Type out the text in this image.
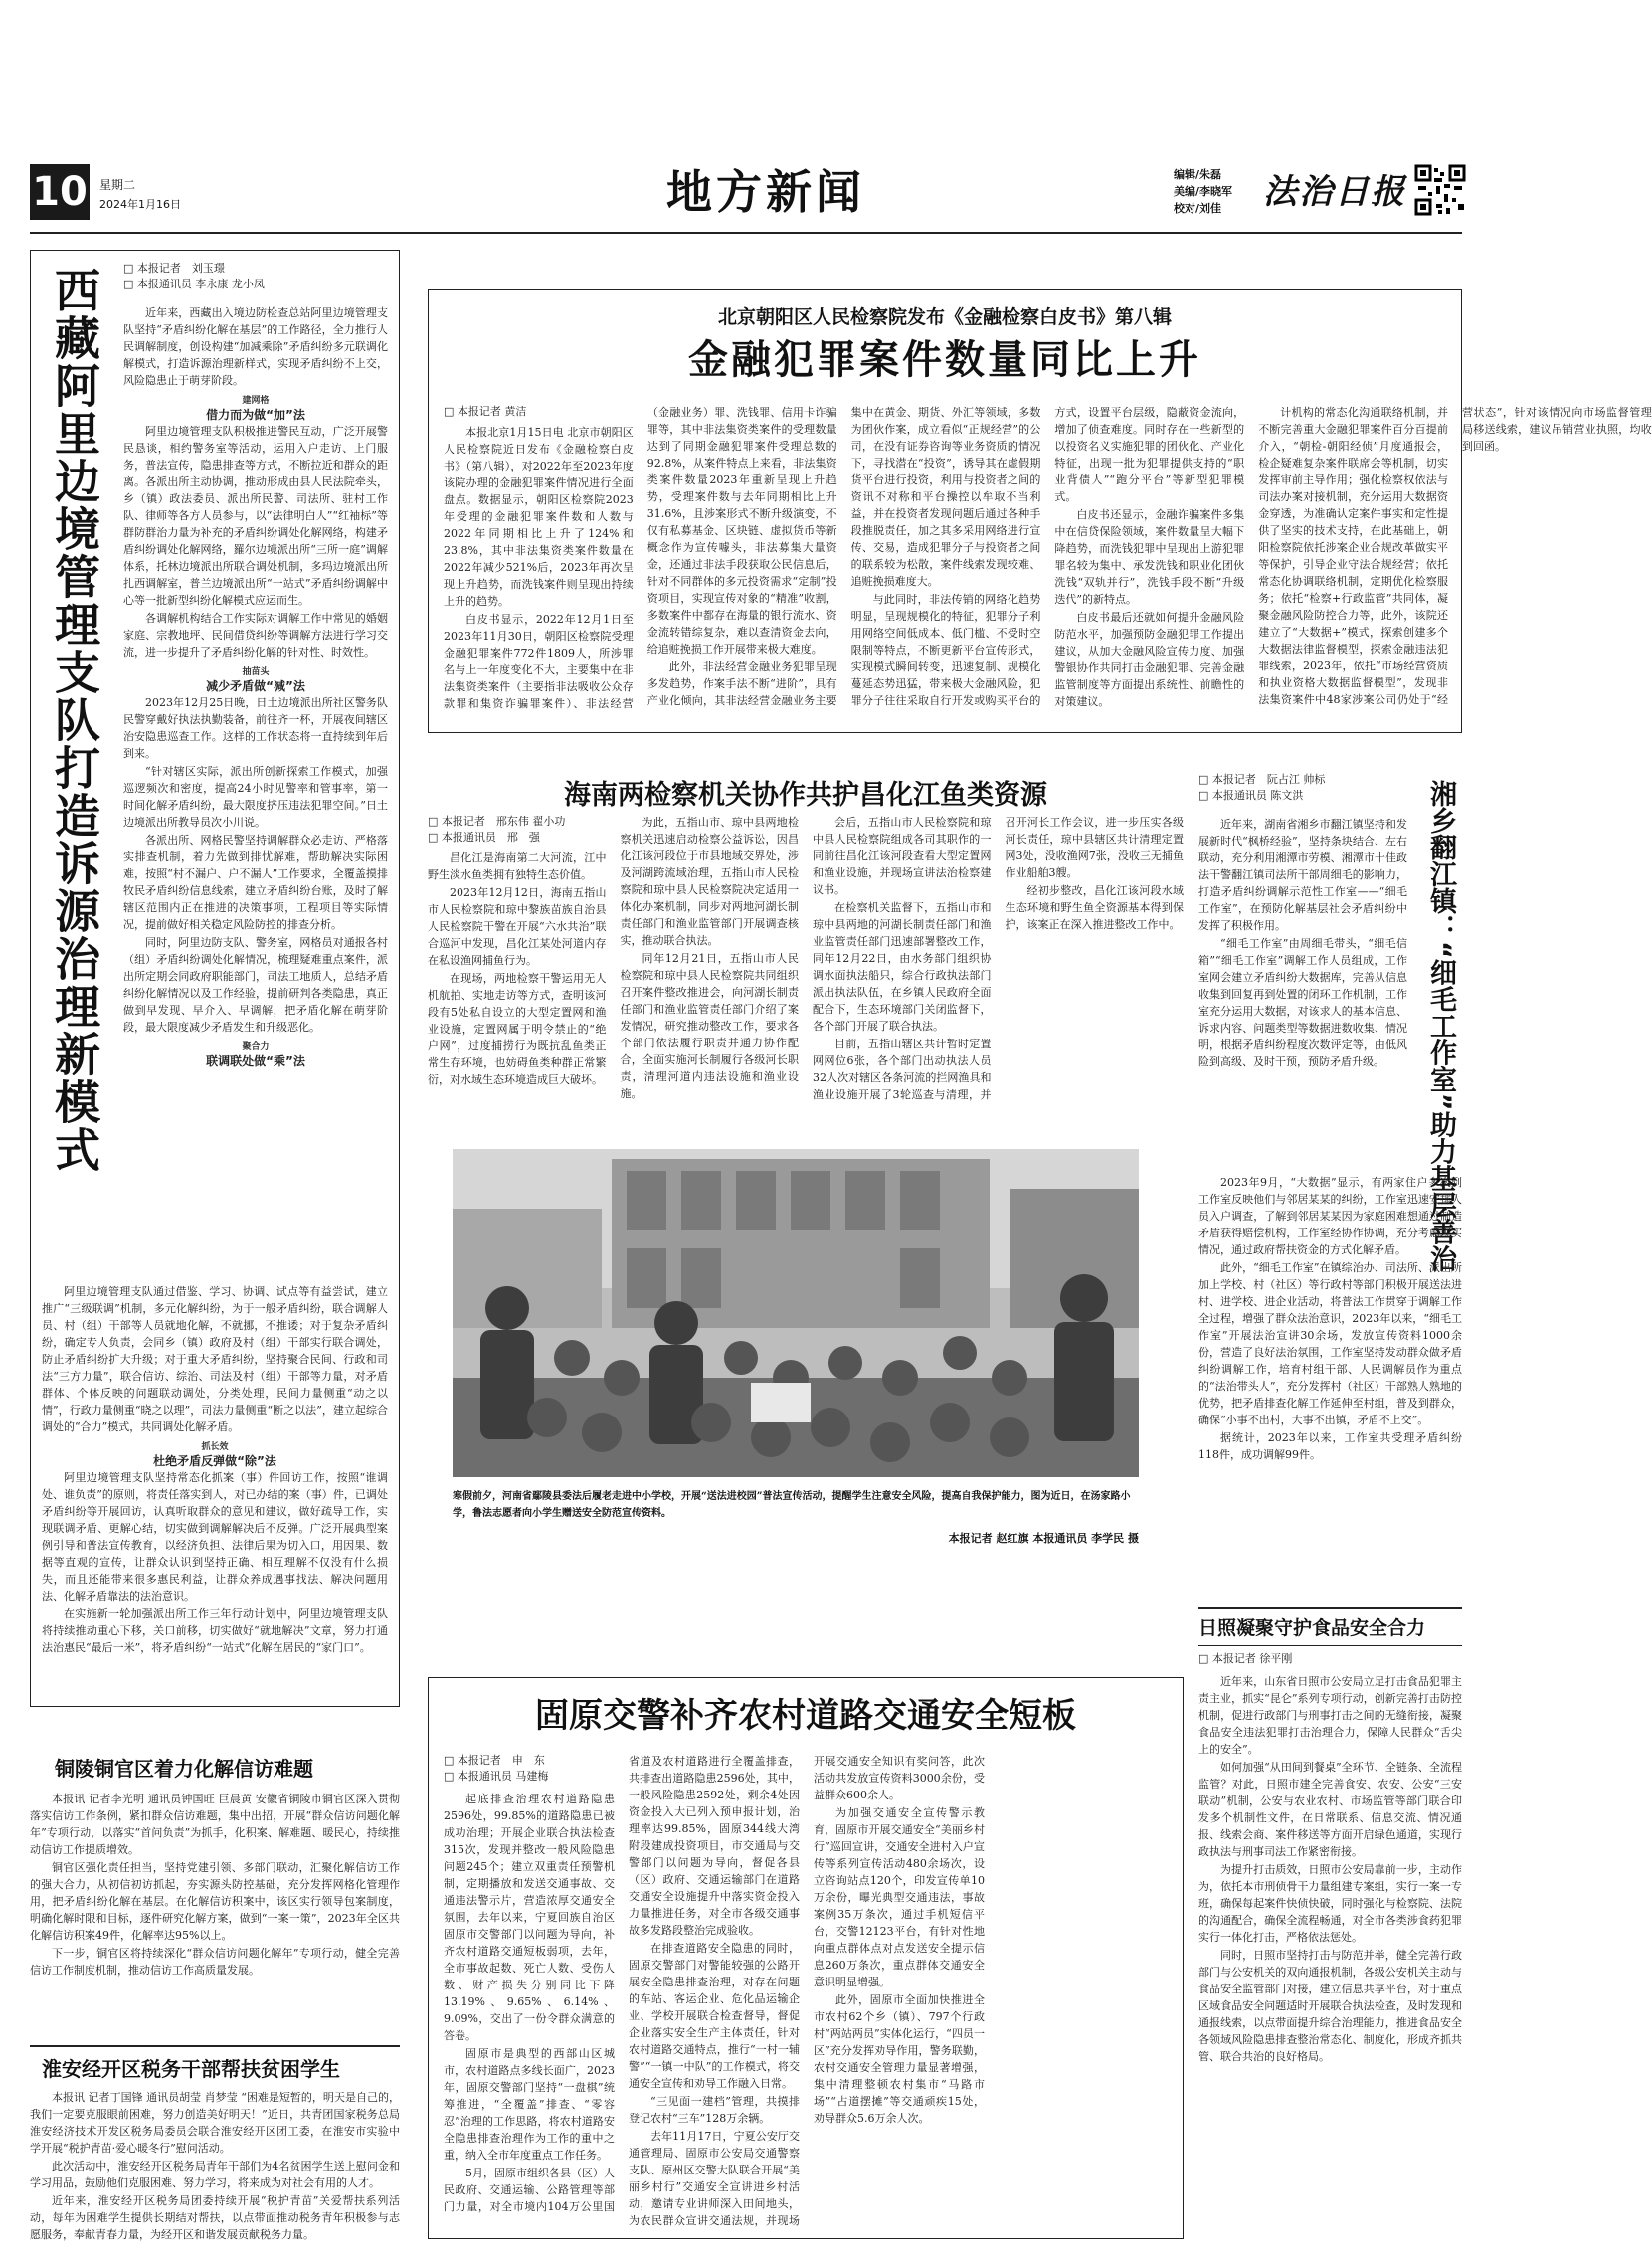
10 星期二
2024年1月16日	地方新闻	编辑/朱磊
美编/李晓军
校对/刘佳	法治日报
西藏阿里边境管理支队打造诉源治理新模式	□ 本报记者　刘玉璟
□ 本报通讯员 李永康 龙小凤

近年来，西藏出入境边防检查总站阿里边境管理支队坚持“矛盾纠纷化解在基层”的工作路径，全力推行人民调解制度，创设构建“加减乘除”矛盾纠纷多元联调化解模式，打造诉源治理新样式，实现矛盾纠纷不上交，风险隐患止于萌芽阶段。

建网格
借力而为做“加”法

阿里边境管理支队积极推进警民互动，广泛开展警民恳谈，相约警务室等活动，运用入户走访、上门服务，普法宣传，隐患排查等方式，不断拉近和群众的距离。各派出所主动协调，推动形成由县人民法院牵头，乡（镇）政法委员、派出所民警、司法所、驻村工作队、律师等各方人员参与，以“法律明白人”“红袖标”等群防群治力量为补充的矛盾纠纷调处化解网络，构建矛盾纠纷调处化解网络，羅尔边境派出所“三所一庭”调解体系，托林边境派出所联合调处机制，多玛边境派出所扎西调解室，普兰边境派出所“一站式”矛盾纠纷调解中心等一批新型纠纷化解模式应运而生。

各调解机构结合工作实际对调解工作中常见的婚姻家庭、宗教地坪、民间借贷纠纷等调解方法进行学习交流，进一步提升了矛盾纠纷化解的针对性、时效性。

抽苗头
减少矛盾做“减”法

2023年12月25日晚，日土边境派出所社区警务队民警穿戴好执法执勤装备，前往齐一杯，开展夜间辖区治安隐患巡查工作。这样的工作状态将一直持续到年后到来。

“针对辖区实际，派出所创新探索工作模式，加强巡逻频次和密度，提高24小时见警率和管事率，第一时间化解矛盾纠纷，最大限度挤压违法犯罪空间。”日土边境派出所教导员次小川说。

各派出所、网格民警坚持调解群众必走访、严格落实排查机制，着力先做到排忧解难，帮助解决实际困难，按照“村不漏户、户不漏人”工作要求，全覆盖摸排牧民矛盾纠纷信息线索，建立矛盾纠纷台账，及时了解辖区范围内正在推进的决策事项，工程项目等实际情况，提前做好相关稳定风险防控的排查分析。

同时，阿里边防支队、警务室，网格员对通报各村（组）矛盾纠纷调处化解情况，梳理疑难重点案件，派出所定期会同政府职能部门，司法工地质人，总结矛盾纠纷化解情况以及工作经验，提前研判各类隐患，真正做到早发现、早介入、早调解，把矛盾化解在萌芽阶段，最大限度减少矛盾发生和升级恶化。

聚合力
联调联处做“乘”法

阿里边境管理支队通过借鉴、学习、协调、试点等有益尝试，建立推广“三级联调”机制，多元化解纠纷，为于一般矛盾纠纷，联合调解人员、村（组）干部等人员就地化解，不就挪，不推诿；对于复杂矛盾纠纷，确定专人负责，会同乡（镇）政府及村（组）干部实行联合调处，防止矛盾纠纷扩大升级；对于重大矛盾纠纷，坚持聚合民间、行政和司法“三方力量”，联合信访、综治、司法及村（组）干部等力量，对矛盾群体、个体反映的问题联动调处，分类处理，民间力量侧重“动之以情”，行政力量侧重“晓之以理”，司法力量侧重“断之以法”，建立起综合调处的“合力”模式，共同调处化解矛盾。

抓长效
杜绝矛盾反弹做“除”法

阿里边境管理支队坚持常态化抓案（事）件回访工作，按照“谁调处、谁负责”的原则，将责任落实到人，对已办结的案（事）件，已调处矛盾纠纷等开展回访，认真听取群众的意见和建议，做好疏导工作，实现联调矛盾、更解心结，切实做到调解解决后不反弹。广泛开展典型案例引导和普法宣传教育，以经济负担、法律后果为切入口，用因果、数据等直观的宣传，让群众认识到坚持正确、相互理解不仅没有什么损失，而且还能带来很多惠民利益，让群众养成遇事找法、解决问题用法、化解矛盾靠法的法治意识。

在实施新一轮加强派出所工作三年行动计划中，阿里边境管理支队将持续推动重心下移，关口前移，切实做好“就地解决”文章，努力打通法治惠民“最后一米”，将矛盾纠纷“一站式”化解在居民的“家门口”。

北京朝阳区人民检察院发布《金融检察白皮书》第八辑
金融犯罪案件数量同比上升
□ 本报记者 黄洁

本报北京1月15日电 北京市朝阳区人民检察院近日发布《金融检察白皮书》（第八辑），对2022年至2023年度该院办理的金融犯罪案件情况进行全面盘点。数据显示，朝阳区检察院2023年受理的金融犯罪案件数和人数与2022年同期相比上升了124%和23.8%，其中非法集资类案件数量在2022年减少521%后，2023年再次呈现上升趋势，而洗钱案件则呈现出持续上升的趋势。

白皮书显示，2022年12月1日至2023年11月30日，朝阳区检察院受理金融犯罪案件772件1809人，所涉罪名与上一年度变化不大，主要集中在非法集资类案件（主要指非法吸收公众存款罪和集资诈骗罪案件）、非法经营（金融业务）罪、洗钱罪、信用卡诈骗罪等，其中非法集资类案件的受理数量达到了同期金融犯罪案件受理总数的92.8%，从案件特点上来看，非法集资类案件数量2023年重新呈现上升趋势，受理案件数与去年同期相比上升31.6%，且涉案形式不断升级演变，不仅有私募基金、区块链、虚拟货币等新概念作为宣传噱头，非法募集大量资金，还通过非法手段获取公民信息后，针对不同群体的多元投资需求“定制”投资项目，实现宣传对象的“精准”收割，多数案件中都存在海量的银行流水、资金流转错综复杂，难以查清资金去向，给追赃挽损工作开展带来极大难度。

此外，非法经营金融业务犯罪呈现多发趋势，作案手法不断“进阶”，具有产业化倾向，其非法经营金融业务主要集中在黄金、期货、外汇等领域，多数为团伙作案，成立看似“正规经营”的公司，在没有证券咨询等业务资质的情况下，寻找潜在“投资”，诱导其在虚假期货平台进行投资，利用与投资者之间的资讯不对称和平台操控以牟取不当利益，并在投资者发现问题后通过各种手段推脱责任，加之其多采用网络进行宣传、交易，造成犯罪分子与投资者之间的联系较为松散，案件线索发现较难、追赃挽损难度大。

与此同时，非法传销的网络化趋势明显，呈现规模化的特征，犯罪分子利用网络空间低成本、低门槛、不受时空限制等特点，不断更新平台宣传形式，实现模式瞬间转变，迅速复制、规模化蔓延态势迅猛，带来极大金融风险，犯罪分子往往采取自行开发或购买平台的方式，设置平台层级，隐蔽资金流向，增加了侦查难度。同时存在一些新型的以投资名义实施犯罪的团伙化、产业化特征，出现一批为犯罪提供支持的“职业背债人”“跑分平台”等新型犯罪模式。

白皮书还显示，金融诈骗案件多集中在信贷保险领域，案件数量呈大幅下降趋势，而洗钱犯罪中呈现出上游犯罪罪名较为集中、承发洗钱和职业化团伙洗钱“双轨并行”，洗钱手段不断“升级迭代”的新特点。

白皮书最后还就如何提升金融风险防范水平，加强预防金融犯罪工作提出建议，从加大金融风险宣传力度、加强警银协作共同打击金融犯罪、完善金融监管制度等方面提出系统性、前瞻性的对策建议。

计机构的常态化沟通联络机制，并不断完善重大金融犯罪案件百分百提前介入，“朝检-朝阳经侦”月度通报会，检企疑难复杂案件联席会等机制，切实发挥审前主导作用；强化检察权依法与司法办案对接机制，充分运用大数据资金穿透，为准确认定案件事实和定性提供了坚实的技术支持，在此基础上，朝阳检察院依托涉案企业合规改革做实平等保护，引导企业守法合规经营；依托常态化协调联络机制，定期优化检察服务；依托“检察+行政监管”共同体，凝聚金融风险防控合力等，此外，该院还建立了“大数据+”模式，探索创建多个大数据法律监督模型，探索金融违法犯罪线索，2023年，依托“市场经营资质和执业资格大数据监督模型”，发现非法集资案件中48家涉案公司仍处于“经营状态”，针对该情况向市场监督管理局移送线索，建议吊销营业执照，均收到回函。

海南两检察机关协作共护昌化江鱼类资源
□ 本报记者　邢东伟 翟小功
□ 本报通讯员　邢　强

昌化江是海南第二大河流，江中野生淡水鱼类拥有独特生态价值。

2023年12月12日，海南五指山市人民检察院和琼中黎族苗族自治县人民检察院干警在开展“六水共治”联合巡河中发现，昌化江某处河道内存在私设渔网捕鱼行为。

在现场，两地检察干警运用无人机航拍、实地走访等方式，查明该河段有5处私自设立的大型定置网和渔业设施，定置网属于明令禁止的“绝户网”，过度捕捞行为既抗乱鱼类正常生存环境，也妨碍鱼类种群正常繁衍，对水域生态环境造成巨大破坏。

为此，五指山市、琼中县两地检察机关迅速启动检察公益诉讼，因昌化江该河段位于市县地域交界处，涉及河湖跨流域治理，五指山市人民检察院和琼中县人民检察院决定适用一体化办案机制，同步对两地河湖长制责任部门和渔业监管部门开展调查核实，推动联合执法。

同年12月21日，五指山市人民检察院和琼中县人民检察院共同组织召开案件整改推进会，向河湖长制责任部门和渔业监管责任部门介绍了案发情况，研究推动整改工作，要求各个部门依法履行职责并通力协作配合，全面实施河长制履行各级河长职责，清理河道内违法设施和渔业设施。

会后，五指山市人民检察院和琼中县人民检察院组成各司其职作的一同前往昌化江该河段查看大型定置网和渔业设施，并现场宣讲法治检察建议书。

在检察机关监督下，五指山市和琼中县两地的河湖长制责任部门和渔业监管责任部门迅速部署整改工作，同年12月22日，由水务部门组织协调水面执法船只，综合行政执法部门派出执法队伍，在乡镇人民政府全面配合下，生态环境部门关闭监督下，各个部门开展了联合执法。

目前，五指山辖区共计暂时定置网网位6张，各个部门出动执法人员32人次对辖区各条河流的拦网渔具和渔业设施开展了3轮巡查与清理，并召开河长工作会议，进一步压实各级河长责任，琼中县辖区共计清理定置网3处，没收渔网7张，没收三无捕鱼作业船舶3艘。

经初步整改，昌化江该河段水域生态环境和野生鱼全资源基本得到保护，该案正在深入推进整改工作中。

寒假前夕，河南省鄢陵县委法后履老走进中小学校，开展“送法进校园”普法宣传活动，提醒学生注意安全风险，提高自我保护能力，图为近日，在汤家路小学，鲁法志愿者向小学生赠送安全防范宣传资料。
本报记者 赵红旗 本报通讯员 李学民 摄
□ 本报记者　阮占江 帅标
□ 本报通讯员 陈文洪	湘乡翻江镇：“细毛工作室”助力基层善治

近年来，湖南省湘乡市翻江镇坚持和发展新时代“枫桥经验”，坚持条块结合、左右联动，充分利用湘潭市劳模、湘潭市十佳政法干警翻江镇司法所干部周细毛的影响力，打造矛盾纠纷调解示范性工作室——“细毛工作室”，在预防化解基层社会矛盾纠纷中发挥了积极作用。

“细毛工作室”由周细毛带头，“细毛信箱”“细毛工作室”调解工作人员组成，工作室网会建立矛盾纠纷大数据库，完善从信息收集到回复再到处置的闭环工作机制，工作室充分运用大数据，对该求人的基本信息、诉求内容、问题类型等数据进数收集、情况明，根据矛盾纠纷程度次数评定等，由低风险到高级、及时干预，预防矛盾升级。

2023年9月，“大数据”显示，有两家住户多次到工作室反映他们与邻居某某的纠纷，工作室迅速安排人员入户调查，了解到邻居某某因为家庭困难想通过制造矛盾获得赔偿机构，工作室经协作协调，充分考虑现实情况，通过政府帮扶资金的方式化解矛盾。

此外，“细毛工作室”在镇综治办、司法所、派出所加上学校、村（社区）等行政村等部门积极开展送法进村、进学校、进企业活动，将普法工作贯穿于调解工作全过程，增强了群众法治意识，2023年以来，“细毛工作室”开展法治宣讲30余场，发放宣传资料1000余份，营造了良好法治氛围，工作室坚持发动群众做矛盾纠纷调解工作，培育村组干部、人民调解员作为重点的“法治带头人”，充分发挥村（社区）干部熟人熟地的优势，把矛盾排查化解工作延伸至村组，普及到群众，确保“小事不出村，大事不出镇，矛盾不上交”。

据统计，2023年以来，工作室共受理矛盾纠纷118件，成功调解99件。

日照凝聚守护食品安全合力
□ 本报记者 徐平刚

近年来，山东省日照市公安局立足打击食品犯罪主责主业，抓实“昆仑”系列专项行动，创新完善打击防控机制，促进行政部门与刑事打击之间的无缝衔接，凝聚食品安全违法犯罪打击治理合力，保障人民群众“舌尖上的安全”。

如何加强“从田间到餐桌”全环节、全链条、全流程监管？对此，日照市建全完善食安、农安、公安“三安联动”机制，公安与农业农村、市场监管等部门联合印发多个机制性文件，在日常联系、信息交流、情况通报、线索会商、案件移送等方面开启绿色通道，实现行政执法与刑事司法工作紧密衔接。

为提升打击质效，日照市公安局靠前一步，主动作为，依托本市刑侦骨干力量组建专案组，实行一案一专班，确保每起案件快侦快破，同时强化与检察院、法院的沟通配合，确保全流程畅通，对全市各类涉食药犯罪实行一体化打击，严格依法惩处。

同时，日照市坚持打击与防范并举，健全完善行政部门与公安机关的双向通报机制，各级公安机关主动与食品安全监管部门对接，建立信息共享平台，对于重点区域食品安全问题适时开展联合执法检查，及时发现和通报线索，以点带面提升综合治理能力，推进食品安全各领域风险隐患排查整治常态化、制度化，形成齐抓共管、联合共治的良好格局。

固原交警补齐农村道路交通安全短板
□ 本报记者　申　东
□ 本报通讯员 马建梅

起底排查治理农村道路隐患2596处，99.85%的道路隐患已被成功治理；开展企业联合执法检查315次，发现并整改一般风险隐患问题245个；建立双重责任预警机制，定期播放和发送交通事故、交通违法警示片，营造浓厚交通安全氛围，去年以来，宁夏回族自治区固原市交警部门以问题为导向，补齐农村道路交通短板弱项，去年，全市事故起数、死亡人数、受伤人数、财产损失分别同比下降13.19%、9.65%、6.14%、9.09%，交出了一份令群众满意的答卷。

固原市是典型的西部山区城市，农村道路点多线长面广，2023年，固原交警部门坚持“一盘棋”统筹推进，“全覆盖”排查、“零容忍”治理的工作思路，将农村道路安全隐患排查治理作为工作的重中之重，纳入全市年度重点工作任务。

5月，固原市组织各县（区）人民政府、交通运输、公路管理等部门力量，对全市境内104万公里国省道及农村道路进行全覆盖排查，共排查出道路隐患2596处，其中，一般风险隐患2592处，剩余4处因资金投入大已列入预申报计划，治理率达99.85%，固原344线大湾附段建成投资项目，市交通局与交警部门以问题为导向，督促各县（区）政府、交通运输部门在道路交通安全设施提升中落实资金投入力量推进任务，对全市各级交通事故多发路段整治完成验收。

在排查道路安全隐患的同时，固原交警部门对警能较强的公路开展安全隐患排查治理，对存在问题的车站、客运企业、危化品运输企业、学校开展联合检查督导，督促企业落实安全生产主体责任，针对农村道路交通特点，推行“一村一辅警”“一镇一中队”的工作模式，将交通安全宣传和劝导工作融入日常。

“三见面一建档”管理，共摸排登记农村“三车”128万余辆。

去年11月17日，宁夏公安厅交通管理局、固原市公安局交通警察支队、原州区交警大队联合开展“美丽乡村行”交通安全宣讲进乡村活动，邀请专业讲师深入田间地头，为农民群众宣讲交通法规，并现场开展交通安全知识有奖问答，此次活动共发放宣传资料3000余份，受益群众600余人。

为加强交通安全宣传警示教育，固原市开展交通安全“美丽乡村行”巡回宣讲，交通安全进村入户宣传等系列宣传活动480余场次，设立咨询站点120个，印发宣传单10万余份，曝光典型交通违法，事故案例35万条次，通过手机短信平台，交警12123平台，有针对性地向重点群体点对点发送安全提示信息260万条次，重点群体交通安全意识明显增强。

此外，固原市全面加快推进全市农村62个乡（镇）、797个行政村“两站两员”实体化运行，“四员一区”充分发挥劝导作用，警务联勤，农村交通安全管理力量显著增强，集中清理整顿农村集市“马路市场”“占道摆摊”等交通顽疾15处，劝导群众5.6万余人次。

铜陵铜官区着力化解信访难题

本报讯 记者李光明 通讯员钟国旺 巨晨黄 安徽省铜陵市铜官区深入贯彻落实信访工作条例，紧扣群众信访难题，集中出招，开展“群众信访问题化解年”专项行动，以落实“首问负责”为抓手，化积案、解难题、暖民心，持续推动信访工作提质增效。

铜官区强化责任担当，坚持党建引领、多部门联动，汇聚化解信访工作的强大合力，从初信初访抓起，夯实源头防控基础，充分发挥网格化管理作用，把矛盾纠纷化解在基层。在化解信访积案中，该区实行领导包案制度，明确化解时限和目标，逐件研究化解方案，做到“一案一策”，2023年全区共化解信访积案49件，化解率达95%以上。

下一步，铜官区将持续深化“群众信访问题化解年”专项行动，健全完善信访工作制度机制，推动信访工作高质量发展。

淮安经开区税务干部帮扶贫困学生

本报讯 记者丁国锋 通讯员胡莹 肖梦莹 “困难是短暂的，明天是自己的，我们一定要克服眼前困难，努力创造美好明天！”近日，共青团国家税务总局淮安经济技术开发区税务局委员会联合淮安经开区团工委，在淮安市实验中学开展“税护青苗·爱心暖冬行”慰问活动。

此次活动中，淮安经开区税务局青年干部们为4名贫困学生送上慰问金和学习用品，鼓励他们克服困难、努力学习，将来成为对社会有用的人才。

近年来，淮安经开区税务局团委持续开展“税护青苗”关爱帮扶系列活动，每年为困难学生提供长期结对帮扶，以点带面推动税务青年积极参与志愿服务，奉献青春力量，为经开区和谐发展贡献税务力量。
